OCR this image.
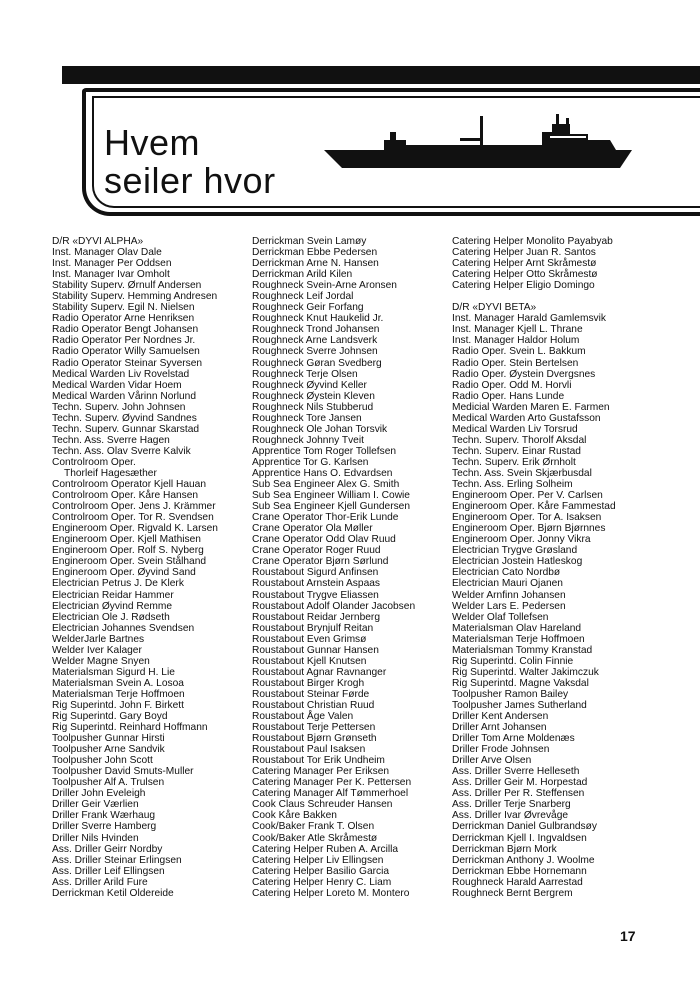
Hvem
seiler hvor
D/R «DYVI ALPHA»
Inst. Manager Olav Dale
Inst. Manager Per Oddsen
Inst. Manager Ivar Omholt
Stability Superv. Ørnulf Andersen
Stability Superv. Hemming Andresen
Stability Superv. Egil N. Nielsen
Radio Operator Arne Henriksen
Radio Operator Bengt Johansen
Radio Operator Per Nordnes Jr.
Radio Operator Willy Samuelsen
Radio Operator Steinar Syversen
Medical Warden Liv Rovelstad
Medical Warden Vidar Hoem
Medical Warden Vårinn Norlund
Techn. Superv. John Johnsen
Techn. Superv. Øyvind Sandnes
Techn. Superv. Gunnar Skarstad
Techn. Ass. Sverre Hagen
Techn. Ass. Olav Sverre Kalvik
Controlroom Oper.
Thorleif Hagesæther
Controlroom Operator Kjell Hauan
Controlroom Oper. Kåre Hansen
Controlroom Oper. Jens J. Krämmer
Controlroom Oper. Tor R. Svendsen
Engineroom Oper. Rigvald K. Larsen
Engineroom Oper. Kjell Mathisen
Engineroom Oper. Rolf S. Nyberg
Engineroom Oper. Svein Stålhand
Engineroom Oper. Øyvind Sand
Electrician Petrus J. De Klerk
Electrician Reidar Hammer
Electrician Øyvind Remme
Electrician Ole J. Rødseth
Electrician Johannes Svendsen
WelderJarle Bartnes
Welder Iver Kalager
Welder Magne Snyen
Materialsman Sigurd H. Lie
Materialsman Svein A. Losoa
Materialsman Terje Hoffmoen
Rig Superintd. John F. Birkett
Rig Superintd. Gary Boyd
Rig Superintd. Reinhard Hoffmann
Toolpusher Gunnar Hirsti
Toolpusher Arne Sandvik
Toolpusher John Scott
Toolpusher David Smuts-Muller
Toolpusher Alf A. Trulsen
Driller John Eveleigh
Driller Geir Værlien
Driller Frank Wærhaug
Driller Sverre Hamberg
Driller Nils Hvinden
Ass. Driller Geirr Nordby
Ass. Driller Steinar Erlingsen
Ass. Driller Leif Ellingsen
Ass. Driller Arild Fure
Derrickman Ketil Oldereide
Derrickman Svein Lamøy
Derrickman Ebbe Pedersen
Derrickman Arne N. Hansen
Derrickman Arild Kilen
Roughneck Svein-Arne Aronsen
Roughneck Leif Jordal
Roughneck Geir Forfang
Roughneck Knut Haukelid Jr.
Roughneck Trond Johansen
Roughneck Arne Landsverk
Roughneck Sverre Johnsen
Roughneck Gøran Svedberg
Roughneck Terje Olsen
Roughneck Øyvind Keller
Roughneck Øystein Kleven
Roughneck Nils Stubberud
Roughneck Tore Jansen
Roughneck Ole Johan Torsvik
Roughneck Johnny Tveit
Apprentice Tom Roger Tollefsen
Apprentice Tor G. Karlsen
Apprentice Hans O. Edvardsen
Sub Sea Engineer Alex G. Smith
Sub Sea Engineer William I. Cowie
Sub Sea Engineer Kjell Gundersen
Crane Operator Thor-Erik Lunde
Crane Operator Ola Møller
Crane Operator Odd Olav Ruud
Crane Operator Roger Ruud
Crane Operator Bjørn Sørlund
Roustabout Sigurd Anfinsen
Roustabout Arnstein Aspaas
Roustabout Trygve Eliassen
Roustabout Adolf Olander Jacobsen
Roustabout Reidar Jernberg
Roustabout Brynjulf Reitan
Roustabout Even Grimsø
Roustabout Gunnar Hansen
Roustabout Kjell Knutsen
Roustabout Agnar Ravnanger
Roustabout Birger Krogh
Roustabout Steinar Førde
Roustabout Christian Ruud
Roustabout Åge Valen
Roustabout Terje Pettersen
Roustabout Bjørn Grønseth
Roustabout Paul Isaksen
Roustabout Tor Erik Undheim
Catering Manager Per Eriksen
Catering Manager Per K. Pettersen
Catering Manager Alf Tømmerhoel
Cook Claus Schreuder Hansen
Cook Kåre Bakken
Cook/Baker Frank T. Olsen
Cook/Baker Atle Skråmestø
Catering Helper Ruben A. Arcilla
Catering Helper Liv Ellingsen
Catering Helper Basilio Garcia
Catering Helper Henry C. Liam
Catering Helper Loreto M. Montero
Catering Helper Monolito Payabyab
Catering Helper Juan R. Santos
Catering Helper Arnt Skråmestø
Catering Helper Otto Skråmestø
Catering Helper Eligio Domingo
D/R «DYVI BETA»
Inst. Manager Harald Gamlemsvik
Inst. Manager Kjell L. Thrane
Inst. Manager Haldor Holum
Radio Oper. Svein L. Bakkum
Radio Oper. Stein Bertelsen
Radio Oper. Øystein Dvergsnes
Radio Oper. Odd M. Horvli
Radio Oper. Hans Lunde
Medicial Warden Maren E. Farmen
Medical Warden Arto Gustafsson
Medical Warden Liv Torsrud
Techn. Superv. Thorolf Aksdal
Techn. Superv. Einar Rustad
Techn. Superv. Erik Ørnholt
Techn. Ass. Svein Skjærbusdal
Techn. Ass. Erling Solheim
Engineroom Oper. Per V. Carlsen
Engineroom Oper. Kåre Fammestad
Engineroom Oper. Tor A. Isaksen
Engineroom Oper. Bjørn Bjørnnes
Engineroom Oper. Jonny Vikra
Electrician Trygve Grøsland
Electrician Jostein Hatleskog
Electrician Cato Nordbø
Electrician Mauri Ojanen
Welder Arnfinn Johansen
Welder Lars E. Pedersen
Welder Olaf Tollefsen
Materialsman Olav Hareland
Materialsman Terje Hoffmoen
Materialsman Tommy Kranstad
Rig Superintd. Colin Finnie
Rig Superintd. Walter Jakimczuk
Rig Superintd. Magne Vaksdal
Toolpusher Ramon Bailey
Toolpusher James Sutherland
Driller Kent Andersen
Driller Arnt Johansen
Driller Tom Arne Moldenæs
Driller Frode Johnsen
Driller Arve Olsen
Ass. Driller Sverre Helleseth
Ass. Driller Geir M. Horpestad
Ass. Driller Per R. Steffensen
Ass. Driller Terje Snarberg
Ass. Driller Ivar Øvrevåge
Derrickman Daniel Gulbrandsøy
Derrickman Kjell I. Ingvaldsen
Derrickman Bjørn Mork
Derrickman Anthony J. Woolme
Derrickman Ebbe Hornemann
Roughneck Harald Aarrestad
Roughneck Bernt Bergrem
17
